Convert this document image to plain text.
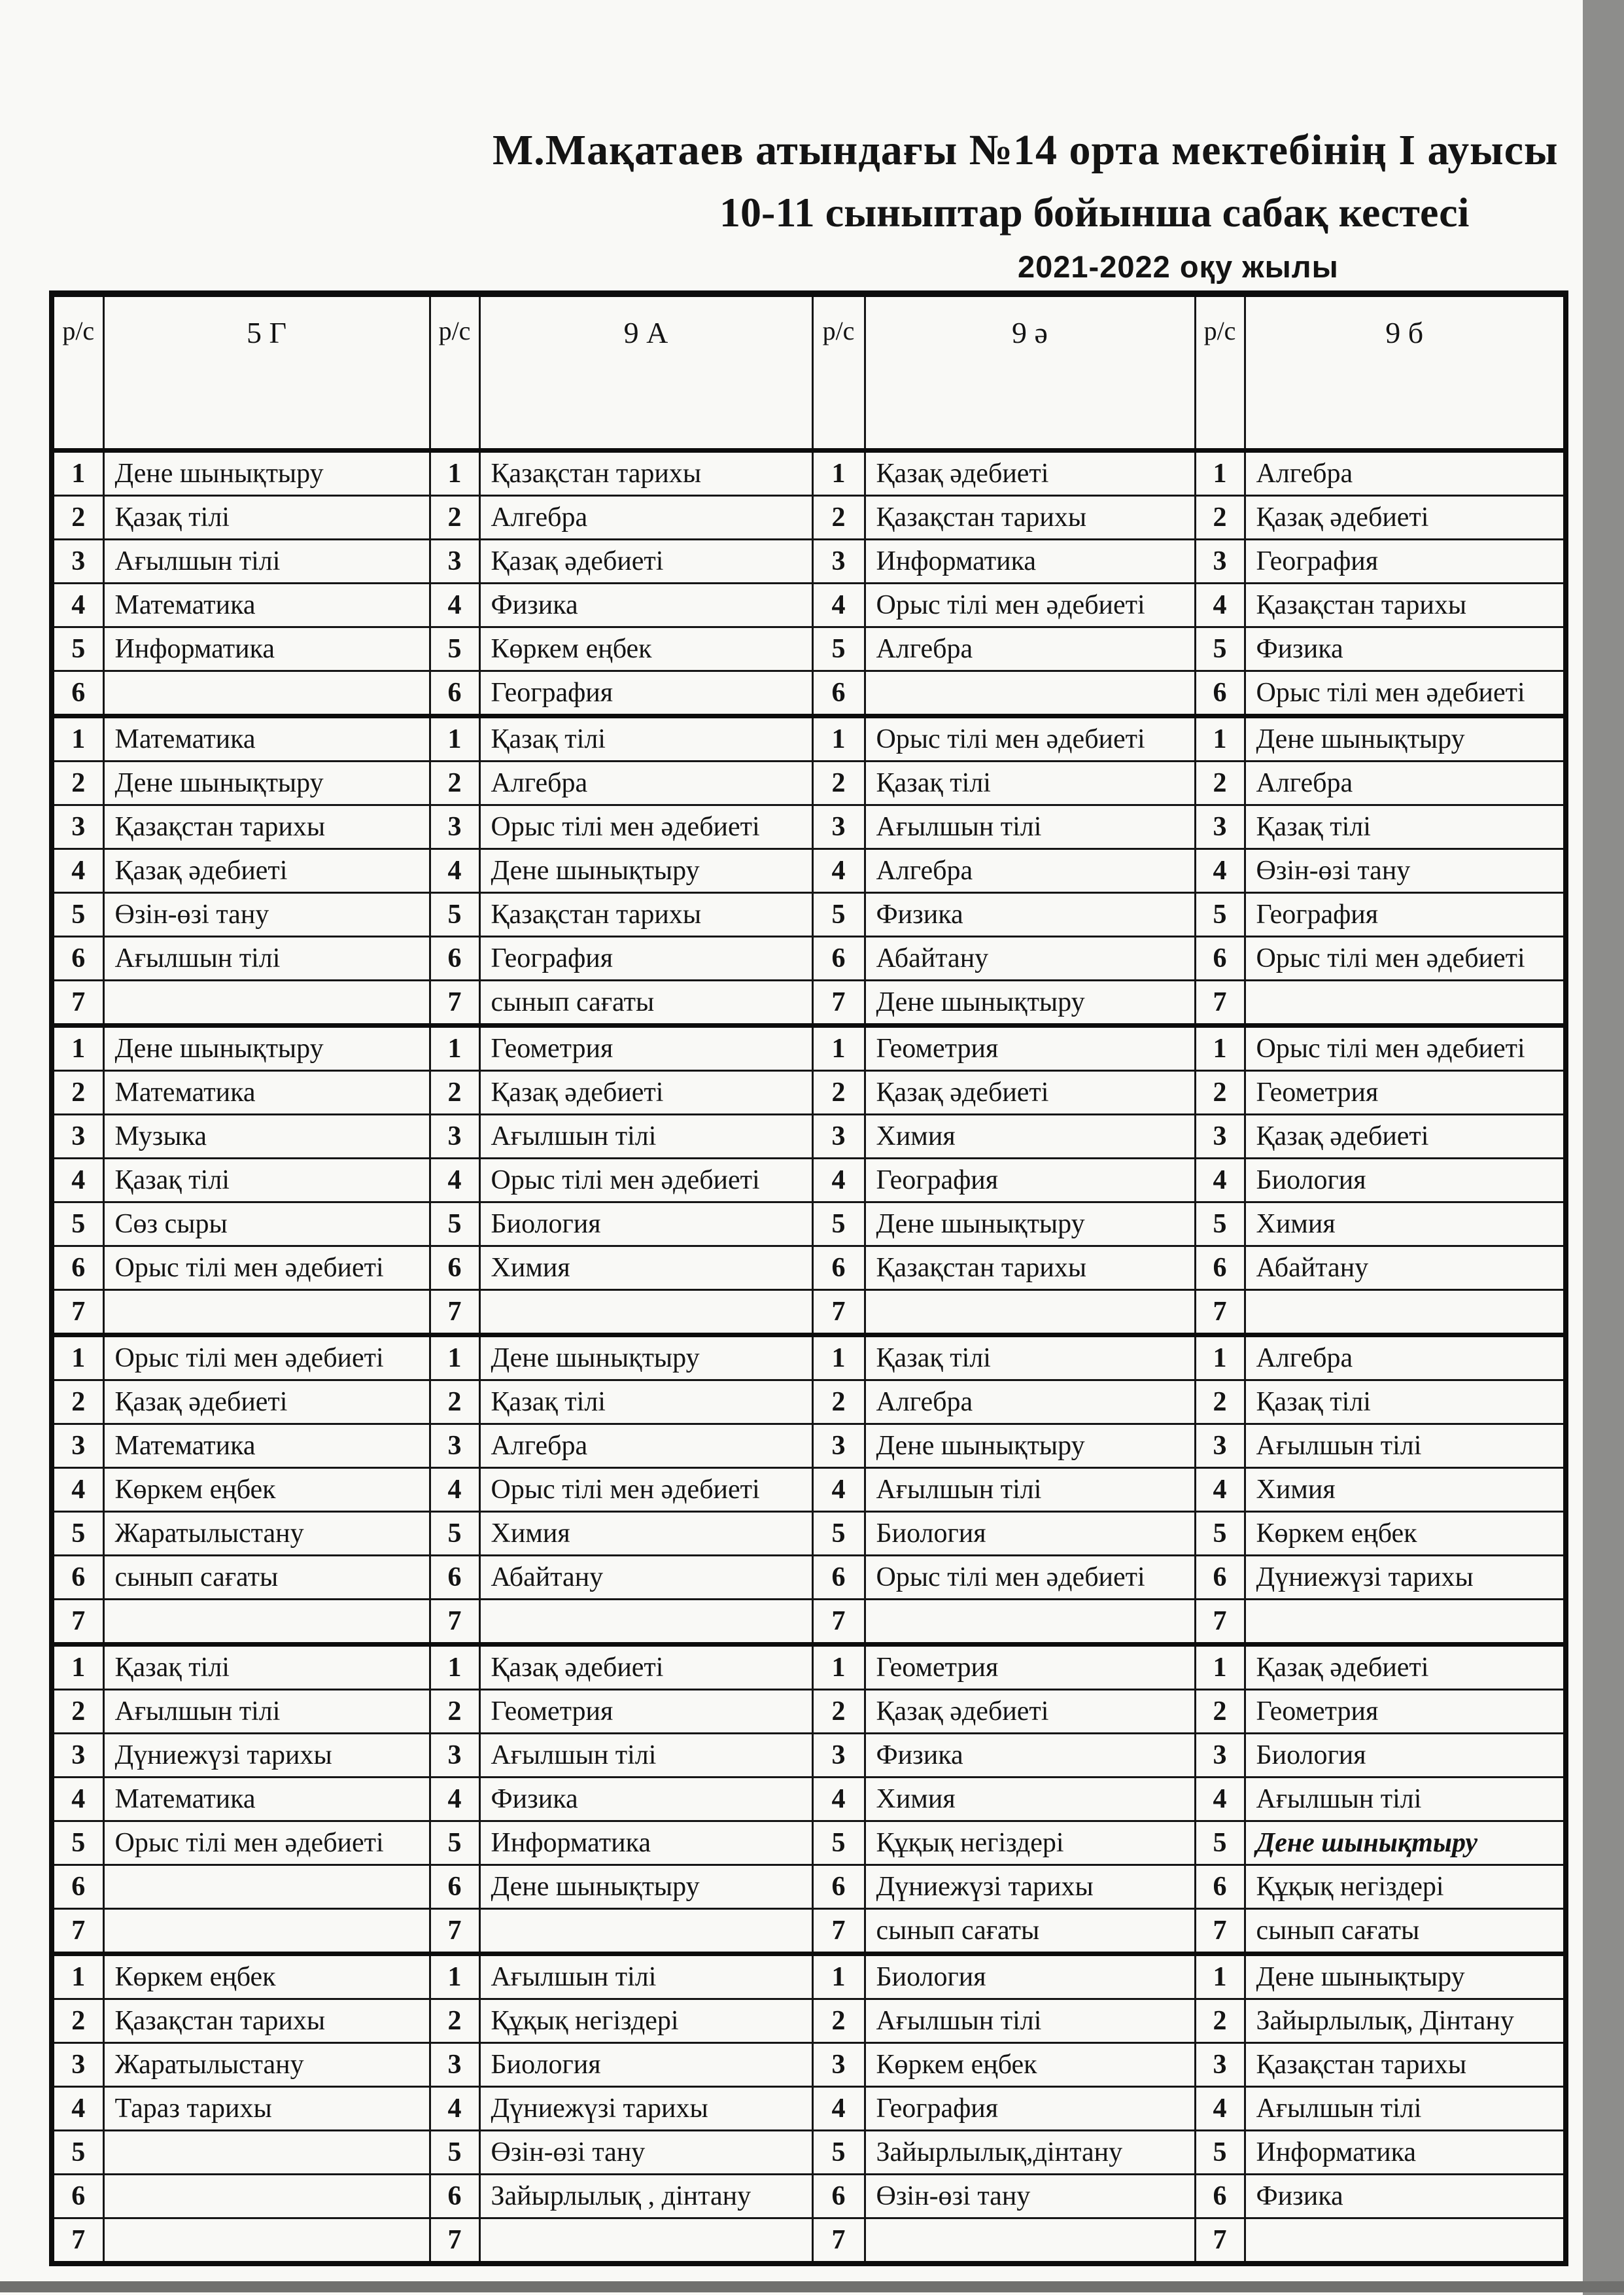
М.Мақатаев атындағы №14 орта мектебінің І ауысы
10-11 сыныптар бойынша сабақ кестесі
2021-2022 оқу жылы
р/с	5 Г	р/с	9 А	р/с	9 ә	р/с	9 б
1	Дене шынықтыру	1	Қазақстан тарихы	1	Қазақ әдебиеті	1	Алгебра
2	Қазақ тілі	2	Алгебра	2	Қазақстан тарихы	2	Қазақ әдебиеті
3	Ағылшын тілі	3	Қазақ әдебиеті	3	Информатика	3	География
4	Математика	4	Физика	4	Орыс тілі мен әдебиеті	4	Қазақстан тарихы
5	Информатика	5	Көркем еңбек	5	Алгебра	5	Физика
6		6	География	6		6	Орыс тілі мен әдебиеті
1	Математика	1	Қазақ тілі	1	Орыс тілі мен әдебиеті	1	Дене шынықтыру
2	Дене шынықтыру	2	Алгебра	2	Қазақ тілі	2	Алгебра
3	Қазақстан тарихы	3	Орыс тілі мен әдебиеті	3	Ағылшын тілі	3	Қазақ тілі
4	Қазақ әдебиеті	4	Дене шынықтыру	4	Алгебра	4	Өзін-өзі тану
5	Өзін-өзі тану	5	Қазақстан тарихы	5	Физика	5	География
6	Ағылшын тілі	6	География	6	Абайтану	6	Орыс тілі мен әдебиеті
7		7	сынып сағаты	7	Дене шынықтыру	7	
1	Дене шынықтыру	1	Геометрия	1	Геометрия	1	Орыс тілі мен әдебиеті
2	Математика	2	Қазақ әдебиеті	2	Қазақ әдебиеті	2	Геометрия
3	Музыка	3	Ағылшын тілі	3	Химия	3	Қазақ әдебиеті
4	Қазақ тілі	4	Орыс тілі мен әдебиеті	4	География	4	Биология
5	Сөз сыры	5	Биология	5	Дене шынықтыру	5	Химия
6	Орыс тілі мен әдебиеті	6	Химия	6	Қазақстан тарихы	6	Абайтану
7		7		7		7	
1	Орыс тілі мен әдебиеті	1	Дене шынықтыру	1	Қазақ тілі	1	Алгебра
2	Қазақ әдебиеті	2	Қазақ тілі	2	Алгебра	2	Қазақ тілі
3	Математика	3	Алгебра	3	Дене шынықтыру	3	Ағылшын тілі
4	Көркем еңбек	4	Орыс тілі мен әдебиеті	4	Ағылшын тілі	4	Химия
5	Жаратылыстану	5	Химия	5	Биология	5	Көркем еңбек
6	сынып сағаты	6	Абайтану	6	Орыс тілі мен әдебиеті	6	Дүниежүзі тарихы
7		7		7		7	
1	Қазақ тілі	1	Қазақ әдебиеті	1	Геометрия	1	Қазақ әдебиеті
2	Ағылшын тілі	2	Геометрия	2	Қазақ әдебиеті	2	Геометрия
3	Дүниежүзі тарихы	3	Ағылшын тілі	3	Физика	3	Биология
4	Математика	4	Физика	4	Химия	4	Ағылшын тілі
5	Орыс тілі мен әдебиеті	5	Информатика	5	Құқық негіздері	5	Дене шынықтыру
6		6	Дене шынықтыру	6	Дүниежүзі тарихы	6	Құқық негіздері
7		7		7	сынып сағаты	7	сынып сағаты
1	Көркем еңбек	1	Ағылшын тілі	1	Биология	1	Дене шынықтыру
2	Қазақстан тарихы	2	Құқық негіздері	2	Ағылшын тілі	2	Зайырлылық, Дінтану
3	Жаратылыстану	3	Биология	3	Көркем еңбек	3	Қазақстан тарихы
4	Тараз тарихы	4	Дүниежүзі тарихы	4	География	4	Ағылшын тілі
5		5	Өзін-өзі тану	5	Зайырлылық,дінтану	5	Информатика
6		6	Зайырлылық , дінтану	6	Өзін-өзі тану	6	Физика
7		7		7		7	
